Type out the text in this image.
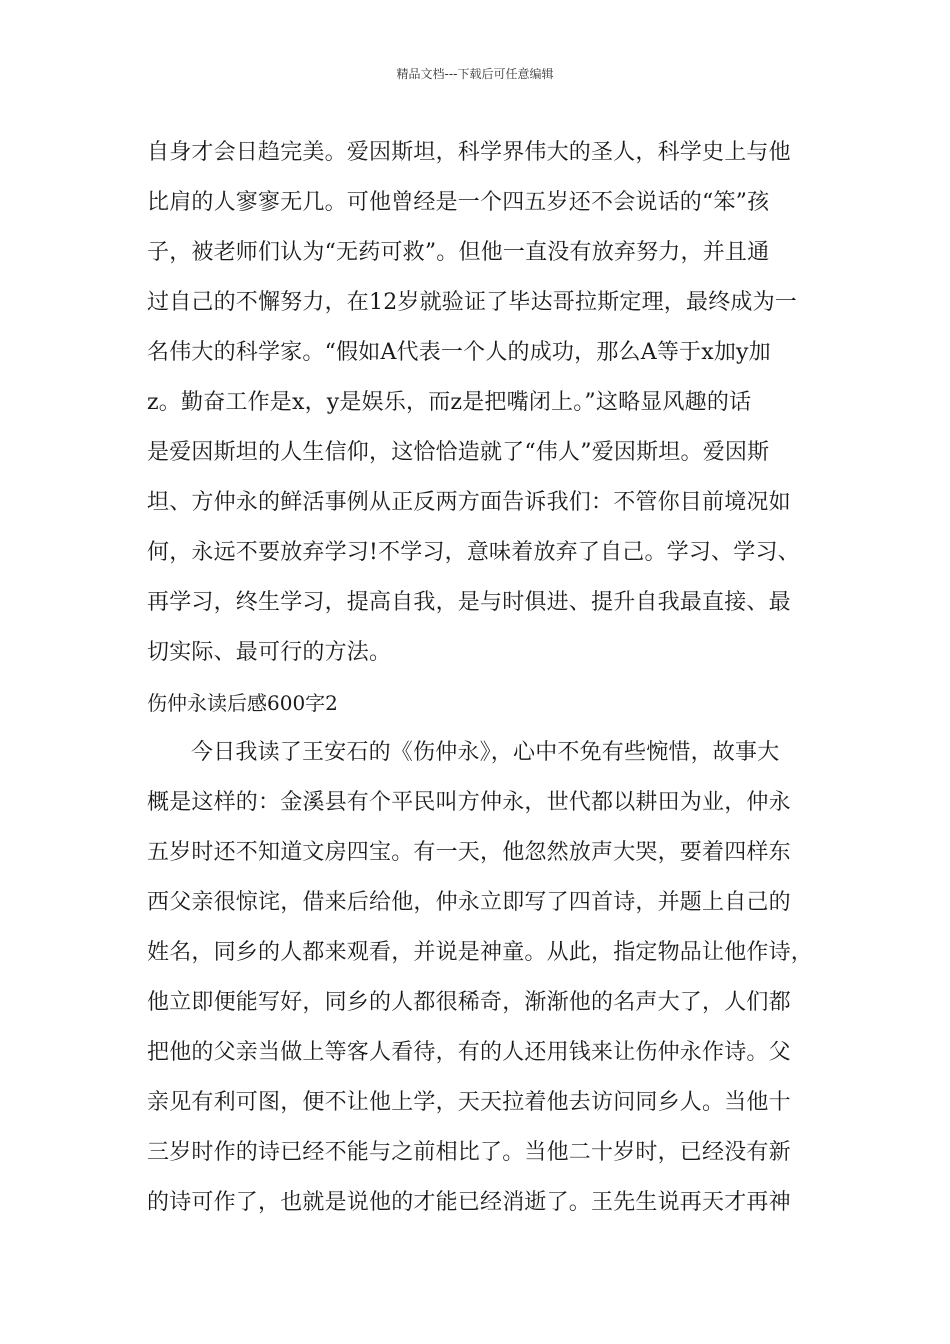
精品文档---下载后可任意编辑
自身才会日趋完美。爱因斯坦，科学界伟大的圣人，科学史上与他
比肩的人寥寥无几。可他曾经是一个四五岁还不会说话的“笨”孩
子，被老师们认为“无药可救”。但他一直没有放弃努力，并且通
过自己的不懈努力，在12岁就验证了毕达哥拉斯定理，最终成为一
名伟大的科学家。“假如A代表一个人的成功，那么A等于x加y加
z。勤奋工作是x，y是娱乐，而z是把嘴闭上。”这略显风趣的话
是爱因斯坦的人生信仰，这恰恰造就了“伟人”爱因斯坦。爱因斯
坦、方仲永的鲜活事例从正反两方面告诉我们：不管你目前境况如
何，永远不要放弃学习!不学习，意味着放弃了自己。学习、学习、
再学习，终生学习，提高自我，是与时俱进、提升自我最直接、最
切实际、最可行的方法。
伤仲永读后感600字2
今日我读了王安石的《伤仲永》，心中不免有些惋惜，故事大
概是这样的：金溪县有个平民叫方仲永，世代都以耕田为业，仲永
五岁时还不知道文房四宝。有一天，他忽然放声大哭，要着四样东
西父亲很惊诧，借来后给他，仲永立即写了四首诗，并题上自己的
姓名，同乡的人都来观看，并说是神童。从此，指定物品让他作诗，
他立即便能写好，同乡的人都很稀奇，渐渐他的名声大了，人们都
把他的父亲当做上等客人看待，有的人还用钱来让伤仲永作诗。父
亲见有利可图，便不让他上学，天天拉着他去访问同乡人。当他十
三岁时作的诗已经不能与之前相比了。当他二十岁时，已经没有新
的诗可作了，也就是说他的才能已经消逝了。王先生说再天才再神
